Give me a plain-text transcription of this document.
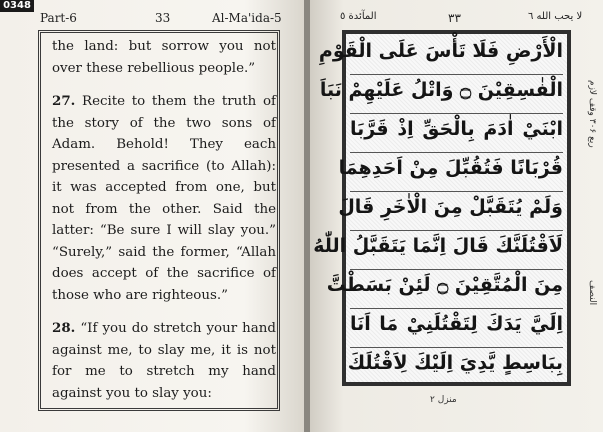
0348
Part-6	33	Al-Ma'ida-5

the land: but sorrow you not over these rebellious people.”

27. Recite to them the truth of the story of the two sons of Adam. Behold! They each presented a sacrifice (to Allah): it was accepted from one, but not from the other. Said the latter: “Be sure I will slay you.” “Surely,” said the former, “Allah does accept of the sacrifice of those who are righteous.”

28. “If you do stretch your hand against me, to slay me, it is not for me to stretch my hand against you to slay you:

المآئدة ٥	٣٣	لا يحب الله ٦
الْأَرْضِ فَلَا تَأْسَ عَلَى الْقَوْمِ
الْفٰسِقِيْنَ ۝ وَاتْلُ عَلَيْهِمْ نَبَاَ
ابْنَيْ اٰدَمَ بِالْحَقِّ اِذْ قَرَّبَا
قُرْبَانًا فَتُقُبِّلَ مِنْ اَحَدِهِمَا
وَلَمْ يُتَقَبَّلْ مِنَ الْاٰخَرِ قَالَ
لَاَقْتُلَنَّكَ قَالَ اِنَّمَا يَتَقَبَّلُ اللّٰهُ
مِنَ الْمُتَّقِيْنَ ۝ لَئِنْ بَسَطْتَّ
اِلَيَّ يَدَكَ لِتَقْتُلَنِيْ مَا اَنَا
بِبَاسِطٍ يَّدِيَ اِلَيْكَ لِاَقْتُلَكَ
ربع ۳۰۶ وقف لازم
النصف
منزل ٢
